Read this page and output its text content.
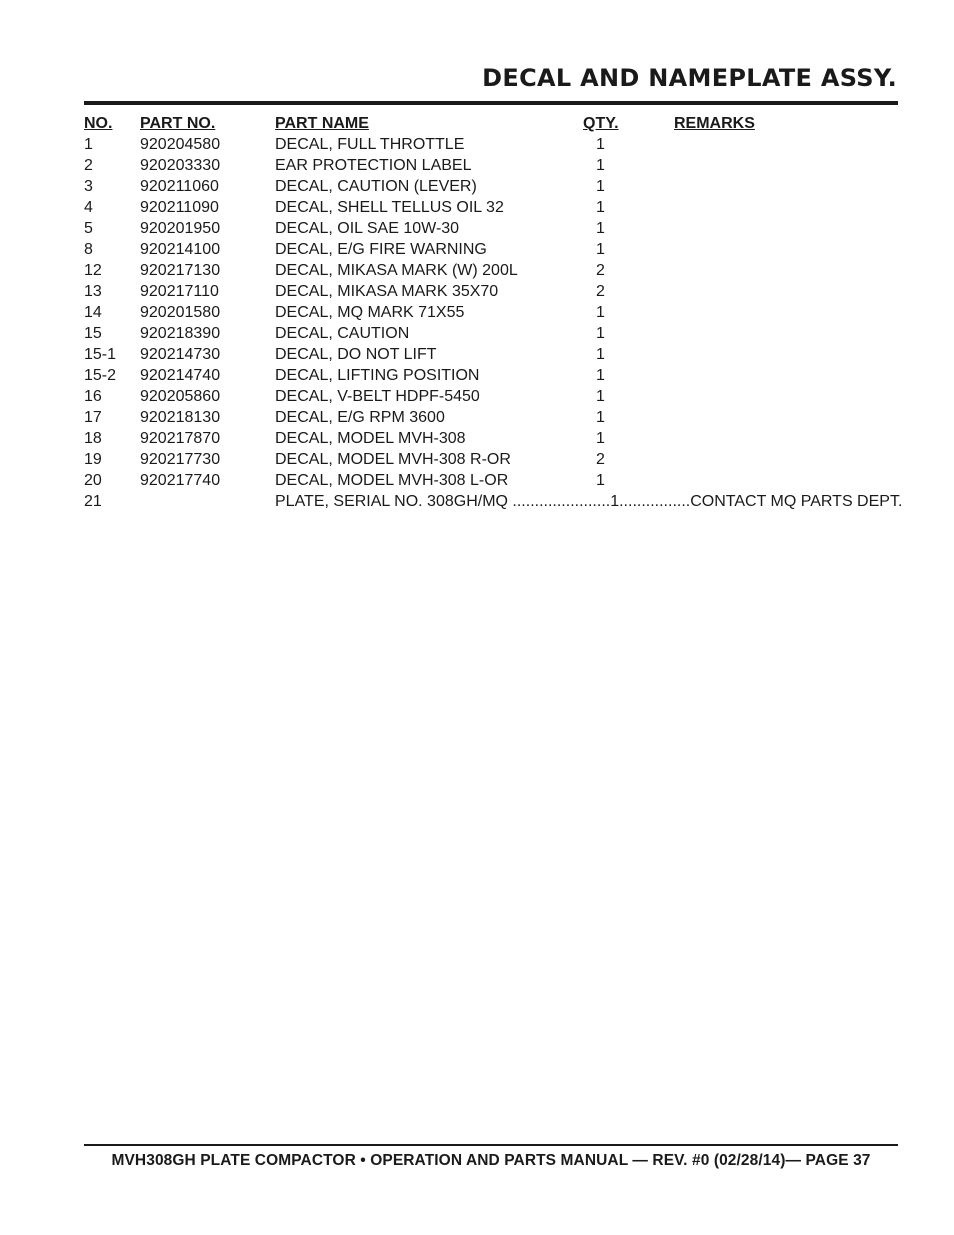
DECAL AND NAMEPLATE ASSY.
NO. PART NO.	PART NAME	QTY.	REMARKS
1	920204580	DECAL, FULL THROTTLE	1
2	920203330	EAR PROTECTION LABEL	1
3	920211060	DECAL, CAUTION (LEVER)	1
4	920211090	DECAL, SHELL TELLUS OIL 32	1
5	920201950	DECAL, OIL SAE 10W-30	1
8	920214100	DECAL, E/G FIRE WARNING	1
12 920217130	DECAL, MIKASA MARK (W) 200L	2
13 920217110	DECAL, MIKASA MARK 35X70	2
14 920201580	DECAL, MQ MARK 71X55	1
15 920218390	DECAL, CAUTION	1
15-1 920214730	DECAL, DO NOT LIFT	1
15-2 920214740	DECAL, LIFTING POSITION	1
16 920205860	DECAL, V-BELT HDPF-5450	1
17 920218130	DECAL, E/G RPM 3600	1
18 920217870	DECAL, MODEL MVH-308	1
19 920217730	DECAL, MODEL MVH-308 R-OR	2
20 920217740	DECAL, MODEL MVH-308 L-OR	1
21	PLATE, SERIAL NO. 308GH/MQ ......................1................CONTACT MQ PARTS DEPT.
MVH308GH PLATE COMPACTOR • OPERATION AND PARTS MANUAL — REV. #0 (02/28/14)— PAGE 37
